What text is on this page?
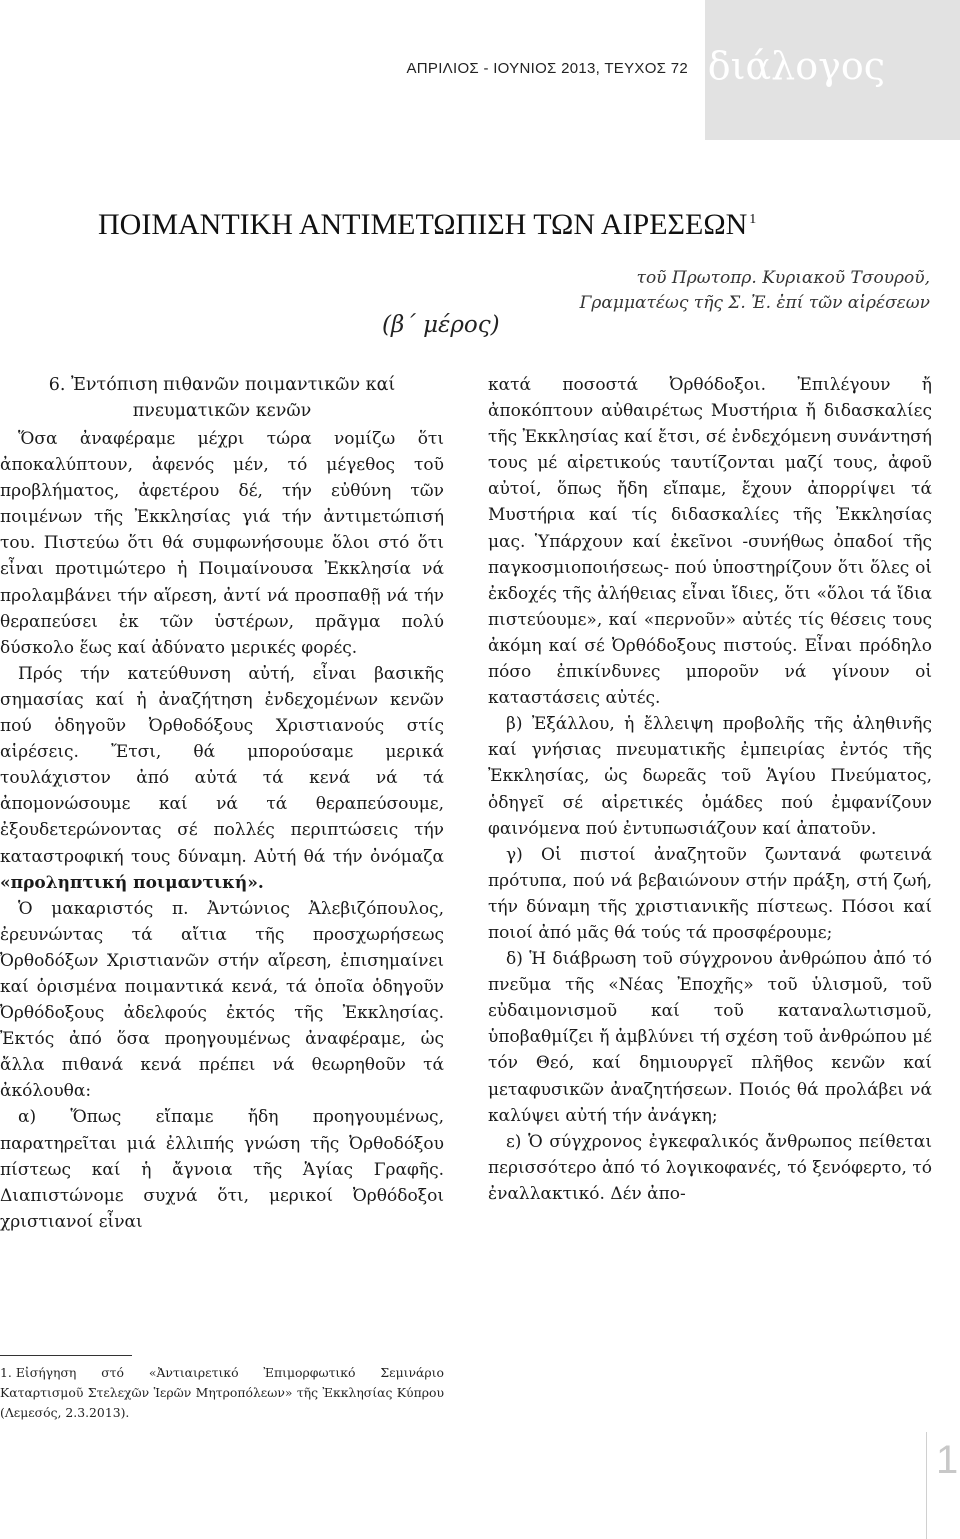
ΑΠΡΙΛΙΟΣ - ΙΟΥΝΙΟΣ 2013, ΤΕΥΧΟΣ 72 διάλογος
ΠΟΙΜΑΝΤΙΚΗ ΑΝΤΙΜΕΤΩΠΙΣΗ ΤΩΝ ΑΙΡΕΣΕΩΝ $^1$
τοῦ Πρωτοπρ. Κυριακοῦ Τσουροῦ,
Γραμματέως τῆς Σ. Ἐ. ἐπί τῶν αἱρέσεων
(β΄ μέρος)
6. Ἐντόπιση πιθανῶν ποιμαντικῶν καί πνευματικῶν κενῶν

Ὅσα ἀναφέραμε μέχρι τώρα νομίζω ὅτι ἀποκαλύπτουν, ἀφενός μέν, τό μέγεθος τοῦ προβλήματος, ἀφετέρου δέ, τήν εὐθύνη τῶν ποιμένων τῆς Ἐκκλησίας γιά τήν ἀντιμετώπισή του. Πιστεύω ὅτι θά συμφωνήσουμε ὅλοι στό ὅτι εἶναι προτιμώτερο ἡ Ποιμαίνουσα Ἐκκλησία νά προλαμβάνει τήν αἵρεση, ἀντί νά προσπαθῇ νά τήν θεραπεύσει ἐκ τῶν ὑστέρων, πρᾶγμα πολύ δύσκολο ἕως καί ἀδύνατο μερικές φορές.

Πρός τήν κατεύθυνση αὐτή, εἶναι βασικῆς σημασίας καί ἡ ἀναζήτηση ἐνδεχομένων κενῶν πού ὁδηγοῦν Ὀρθοδόξους Χριστιανούς στίς αἱρέσεις. Ἔτσι, θά μπορούσαμε μερικά τουλάχιστον ἀπό αὐτά τά κενά νά τά ἀπομονώσουμε καί νά τά θεραπεύσουμε, ἐξουδετερώνοντας σέ πολλές περιπτώσεις τήν καταστροφική τους δύναμη. Αὐτή θά τήν ὀνόμαζα «προληπτική ποιμαντική».

Ὁ μακαριστός π. Ἀντώνιος Ἀλεβιζόπουλος, ἐρευνώντας τά αἴτια τῆς προσχωρήσεως Ὀρθοδόξων Χριστιανῶν στήν αἵρεση, ἐπισημαίνει καί ὁρισμένα ποιμαντικά κενά, τά ὁποῖα ὁδηγοῦν Ὀρθόδοξους ἀδελφούς ἐκτός τῆς Ἐκκλησίας. Ἐκτός ἀπό ὅσα προηγουμένως ἀναφέραμε, ὡς ἄλλα πιθανά κενά πρέπει νά θεωρηθοῦν τά ἀκόλουθα:

α) Ὅπως εἴπαμε ἤδη προηγουμένως, παρατηρεῖται μιά ἐλλιπής γνώση τῆς Ὀρθοδόξου πίστεως καί ἡ ἄγνοια τῆς Ἁγίας Γραφῆς. Διαπιστώνομε συχνά ὅτι, μερικοί Ὀρθόδοξοι χριστιανοί εἶναι

κατά ποσοστά Ὀρθόδοξοι. Ἐπιλέγουν ἤ ἀποκόπτουν αὐθαιρέτως Μυστήρια ἤ διδασκαλίες τῆς Ἐκκλησίας καί ἔτσι, σέ ἐνδεχόμενη συνάντησή τους μέ αἱρετικούς ταυτίζονται μαζί τους, ἀφοῦ αὐτοί, ὅπως ἤδη εἴπαμε, ἔχουν ἀπορρίψει τά Μυστήρια καί τίς διδασκαλίες τῆς Ἐκκλησίας μας. Ὑπάρχουν καί ἐκεῖνοι -συνήθως ὀπαδοί τῆς παγκοσμιοποιήσεως- πού ὑποστηρίζουν ὅτι ὅλες οἱ ἐκδοχές τῆς ἀλήθειας εἶναι ἴδιες, ὅτι «ὅλοι τά ἴδια πιστεύουμε», καί «περνοῦν» αὐτές τίς θέσεις τους ἀκόμη καί σέ Ὀρθόδοξους πιστούς. Εἶναι πρόδηλο πόσο ἐπικίνδυνες μποροῦν νά γίνουν οἱ καταστάσεις αὐτές.

β) Ἐξάλλου, ἡ ἔλλειψη προβολῆς τῆς ἀληθινῆς καί γνήσιας πνευματικῆς ἐμπειρίας ἐντός τῆς Ἐκκλησίας, ὡς δωρεᾶς τοῦ Ἁγίου Πνεύματος, ὁδηγεῖ σέ αἱρετικές ὁμάδες πού ἐμφανίζουν φαινόμενα πού ἐντυπωσιάζουν καί ἀπατοῦν.

γ) Οἱ πιστοί ἀναζητοῦν ζωντανά φωτεινά πρότυπα, πού νά βεβαιώνουν στήν πράξη, στή ζωή, τήν δύναμη τῆς χριστιανικῆς πίστεως. Πόσοι καί ποιοί ἀπό μᾶς θά τούς τά προσφέρουμε;

δ) Ἡ διάβρωση τοῦ σύγχρονου ἀνθρώπου ἀπό τό πνεῦμα τῆς «Νέας Ἐποχῆς» τοῦ ὑλισμοῦ, τοῦ εὐδαιμονισμοῦ καί τοῦ καταναλωτισμοῦ, ὑποβαθμίζει ἤ ἀμβλύνει τή σχέση τοῦ ἀνθρώπου μέ τόν Θεό, καί δημιουργεῖ πλῆθος κενῶν καί μεταφυσικῶν ἀναζητήσεων. Ποιός θά προλάβει νά καλύψει αὐτή τήν ἀνάγκη;

ε) Ὁ σύγχρονος ἐγκεφαλικός ἄνθρωπος πείθεται περισσότερο ἀπό τό λογικοφανές, τό ξενόφερτο, τό ἐναλλακτικό. Δέν ἀπο-

1. Εἰσήγηση στό «Ἀντιαιρετικό Ἐπιμορφωτικό Σεμινάριο Καταρτισμοῦ Στελεχῶν Ἱερῶν Μητροπόλεων» τῆς Ἐκκλησίας Κύπρου (Λεμεσός, 2.3.2013).
1
